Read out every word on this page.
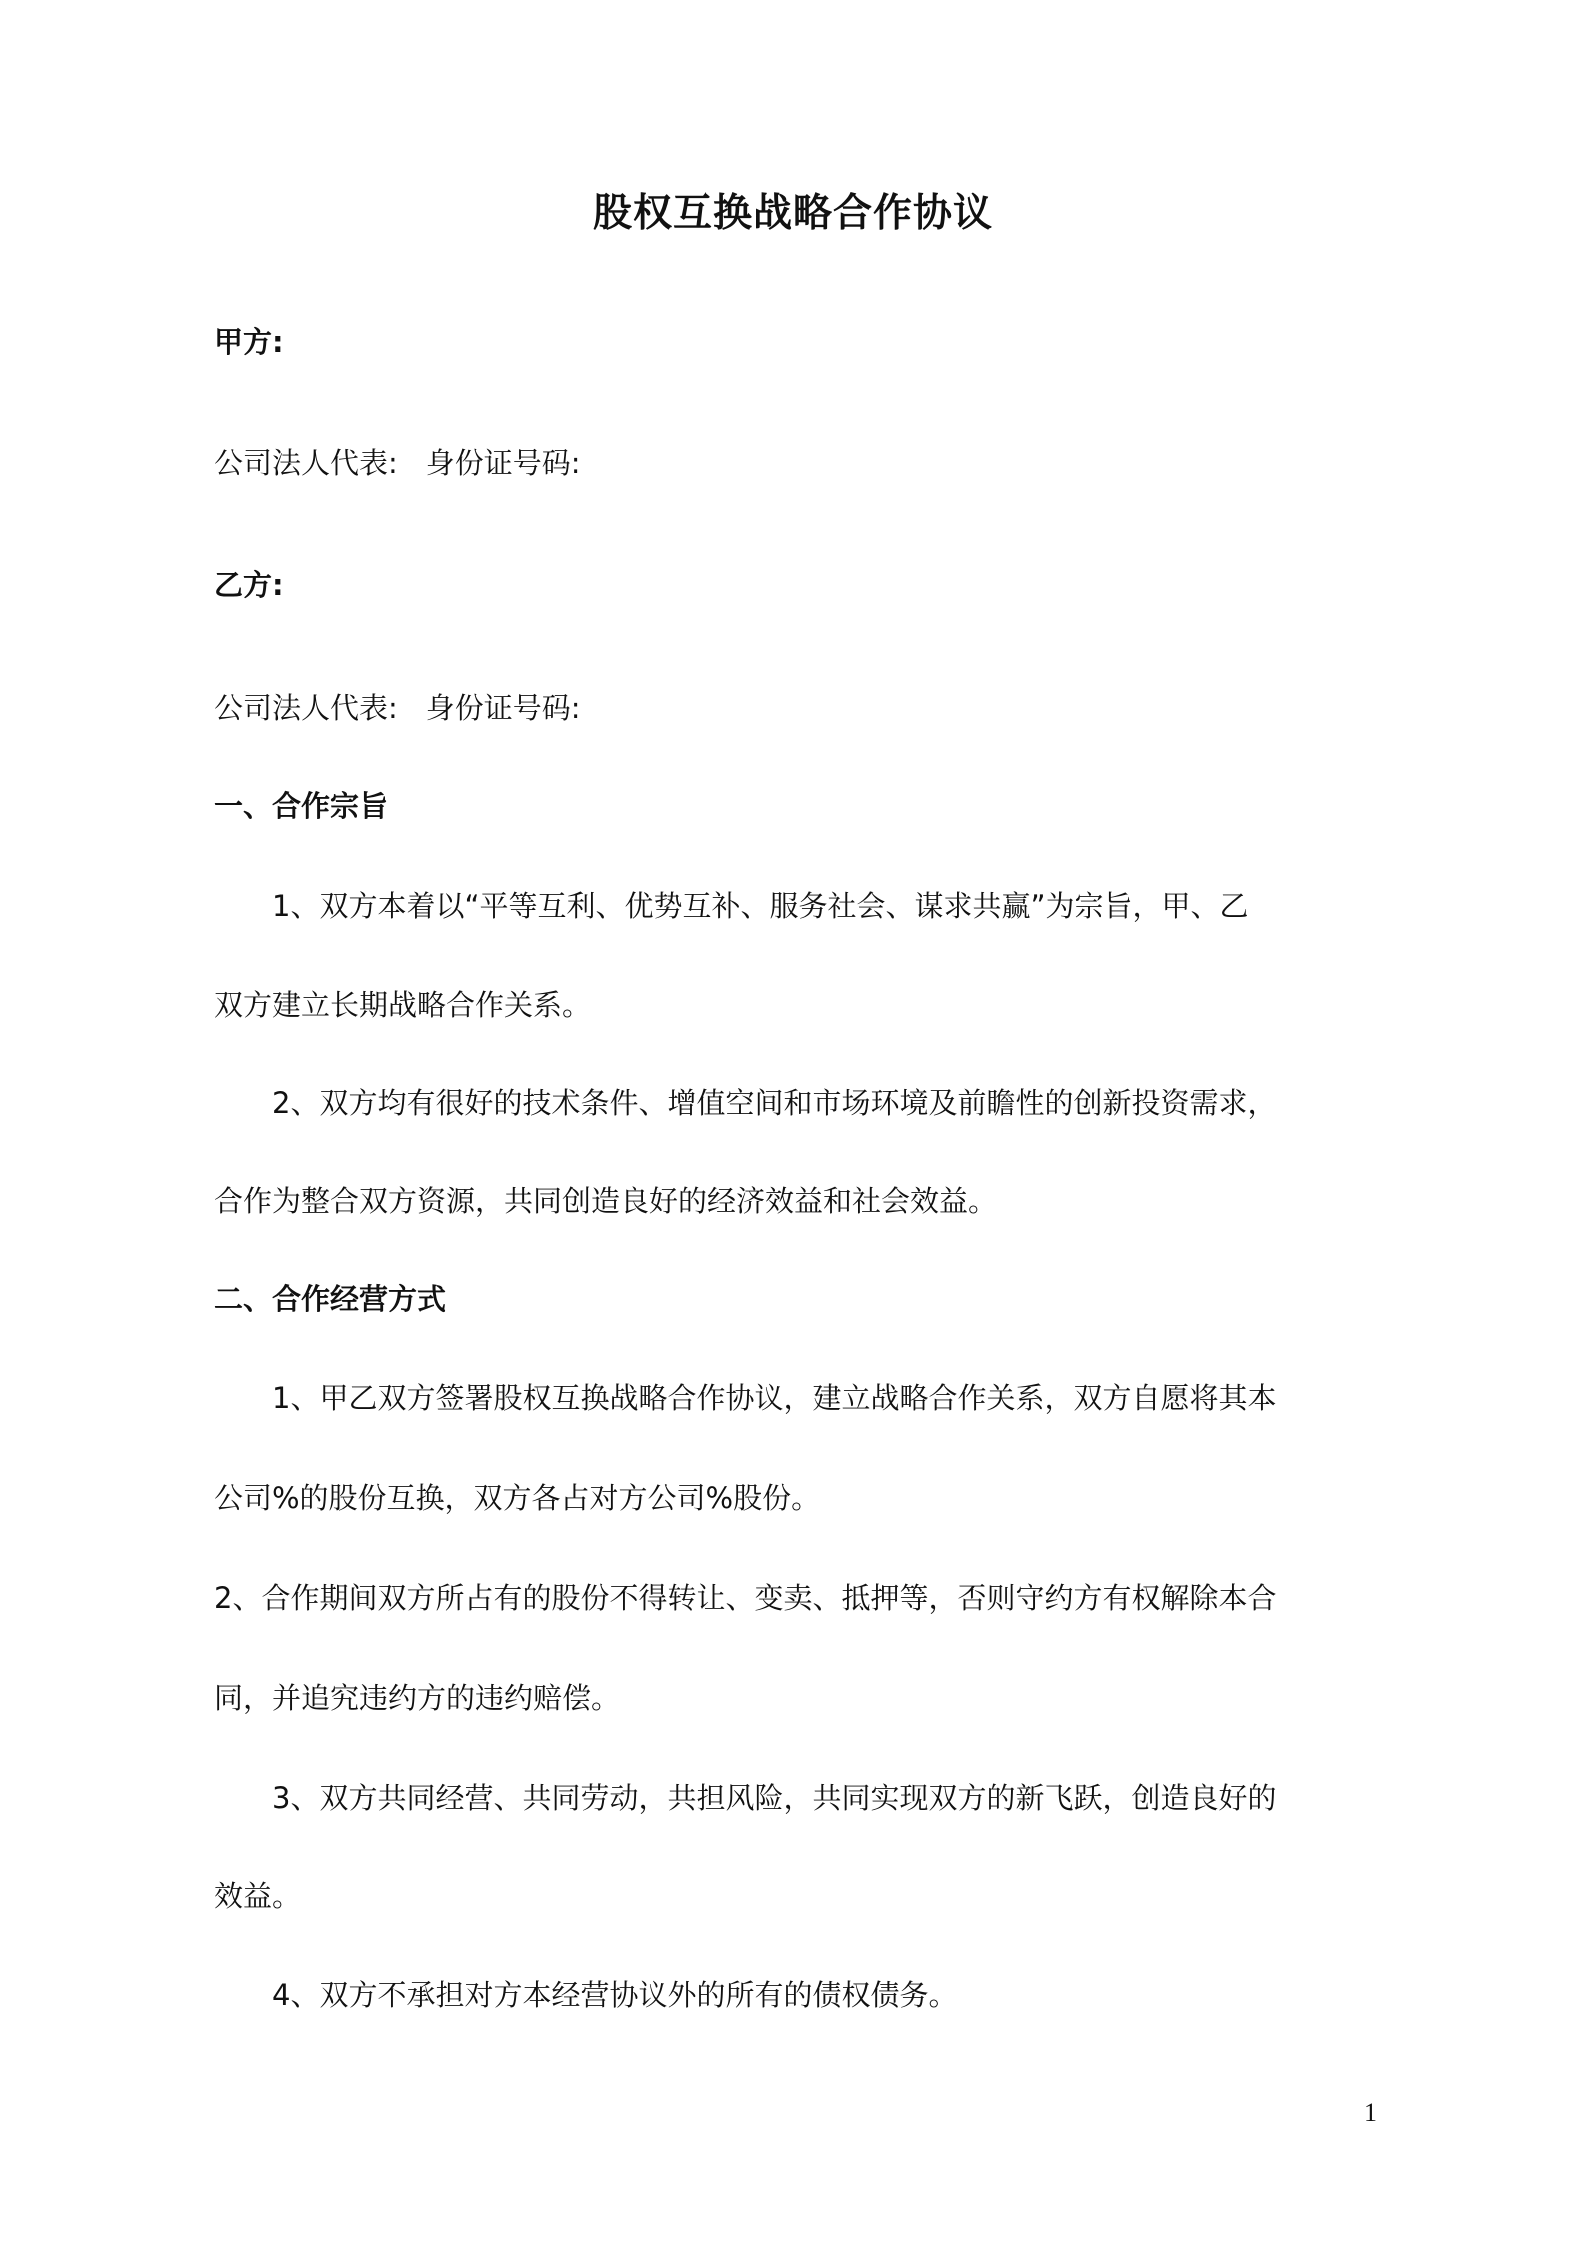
股权互换战略合作协议
甲方:
公司法人代表: 身份证号码:
乙方:
公司法人代表: 身份证号码:
一、合作宗旨
1、双方本着以“平等互利、优势互补、服务社会、谋求共赢”为宗旨，甲、乙
双方建立长期战略合作关系。
2、双方均有很好的技术条件、增值空间和市场环境及前瞻性的创新投资需求，
合作为整合双方资源，共同创造良好的经济效益和社会效益。
二、合作经营方式
1、甲乙双方签署股权互换战略合作协议，建立战略合作关系，双方自愿将其本
公司%的股份互换，双方各占对方公司%股份。
2、合作期间双方所占有的股份不得转让、变卖、抵押等，否则守约方有权解除本合
同，并追究违约方的违约赔偿。
3、双方共同经营、共同劳动，共担风险，共同实现双方的新飞跃，创造良好的
效益。
4、双方不承担对方本经营协议外的所有的债权债务。
1
